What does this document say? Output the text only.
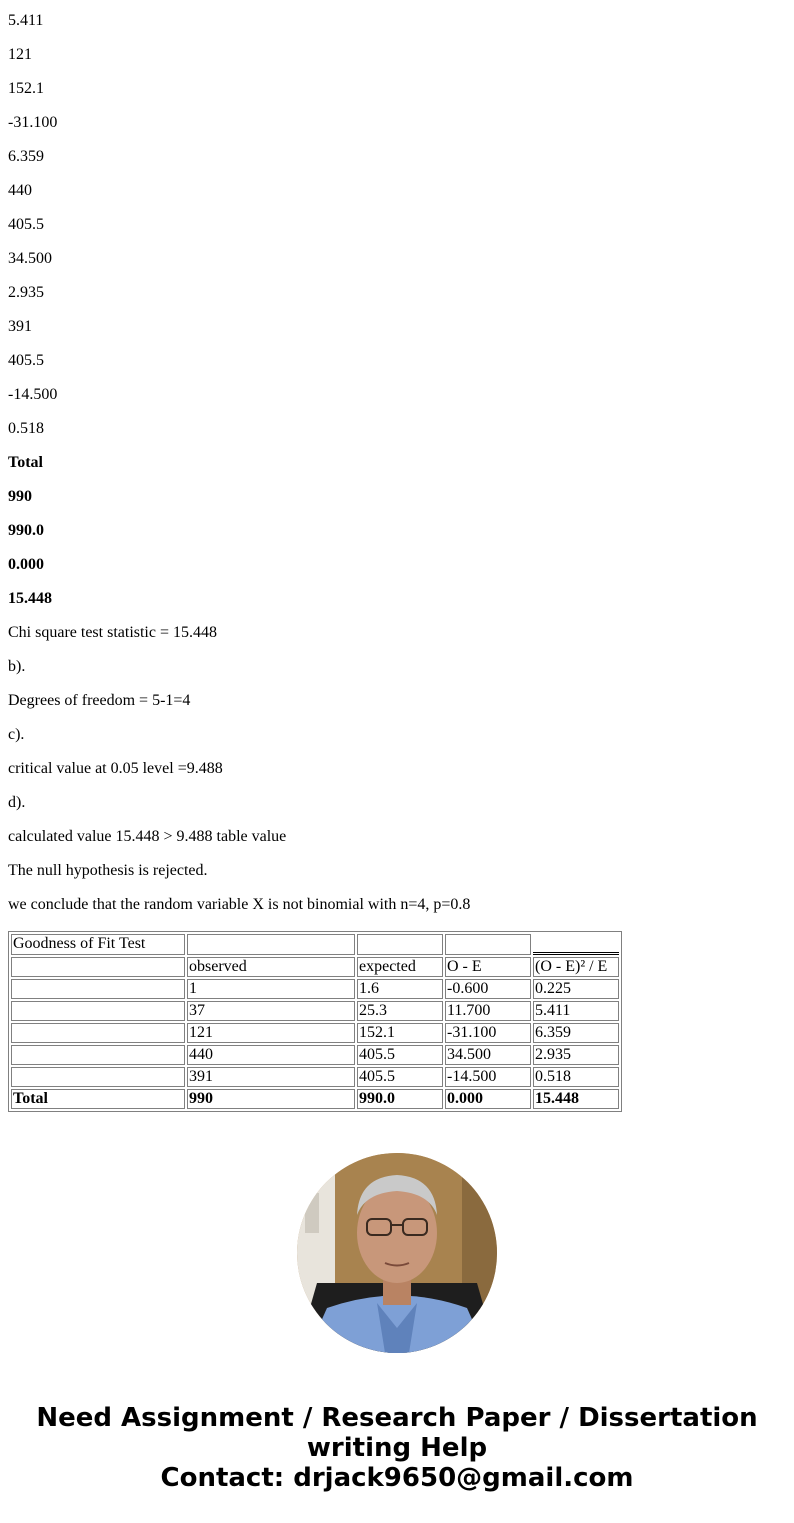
5.411

121

152.1

-31.100

6.359

440

405.5

34.500

2.935

391

405.5

-14.500

0.518

Total

990

990.0

0.000

15.448

Chi square test statistic = 15.448

b).

Degrees of freedom = 5-1=4

c).

critical value at 0.05 level =9.488

d).

calculated value 15.448 > 9.488 table value

The null hypothesis is rejected.

we conclude that the random variable X is not binomial with n=4, p=0.8

Goodness of Fit Test				
	observed	expected	O - E	(O - E)² / E
	1	1.6	-0.600	0.225
	37	25.3	11.700	5.411
	121	152.1	-31.100	6.359
	440	405.5	34.500	2.935
	391	405.5	-14.500	0.518
Total	990	990.0	0.000	15.448
Need Assignment / Research Paper / Dissertation
writing Help
Contact: drjack9650@gmail.com
